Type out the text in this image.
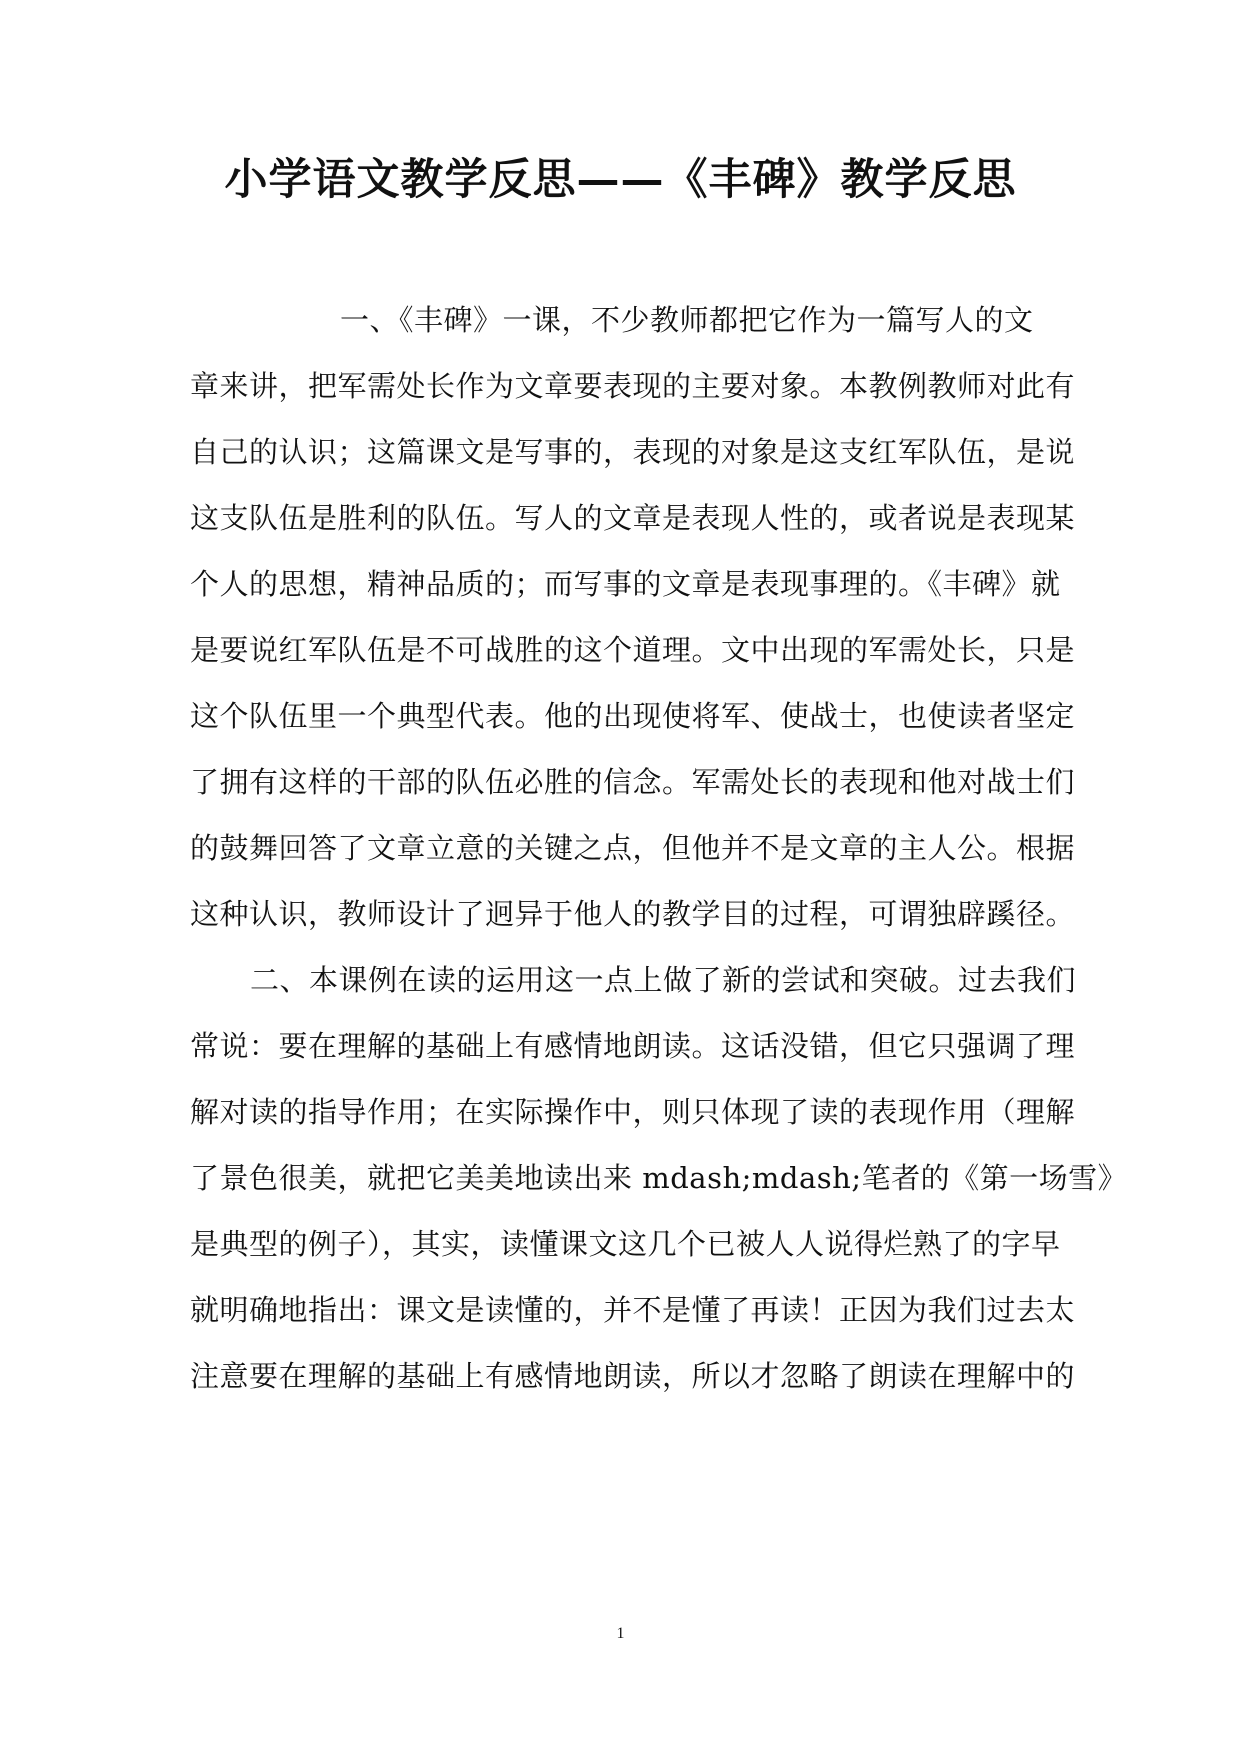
小学语文教学反思——《丰碑》教学反思
一、《丰碑》一课，不少教师都把它作为一篇写人的文
章来讲，把军需处长作为文章要表现的主要对象。本教例教师对此有
自己的认识；这篇课文是写事的，表现的对象是这支红军队伍，是说
这支队伍是胜利的队伍。写人的文章是表现人性的，或者说是表现某
个人的思想，精神品质的；而写事的文章是表现事理的。《丰碑》就
是要说红军队伍是不可战胜的这个道理。文中出现的军需处长，只是
这个队伍里一个典型代表。他的出现使将军、使战士，也使读者坚定
了拥有这样的干部的队伍必胜的信念。军需处长的表现和他对战士们
的鼓舞回答了文章立意的关键之点，但他并不是文章的主人公。根据
这种认识，教师设计了迥异于他人的教学目的过程，可谓独辟蹊径。
二、本课例在读的运用这一点上做了新的尝试和突破。过去我们
常说：要在理解的基础上有感情地朗读。这话没错，但它只强调了理
解对读的指导作用；在实际操作中，则只体现了读的表现作用（理解
了景色很美，就把它美美地读出来 mdash;mdash;笔者的《第一场雪》
是典型的例子），其实，读懂课文这几个已被人人说得烂熟了的字早
就明确地指出：课文是读懂的，并不是懂了再读！正因为我们过去太
注意要在理解的基础上有感情地朗读，所以才忽略了朗读在理解中的
1
